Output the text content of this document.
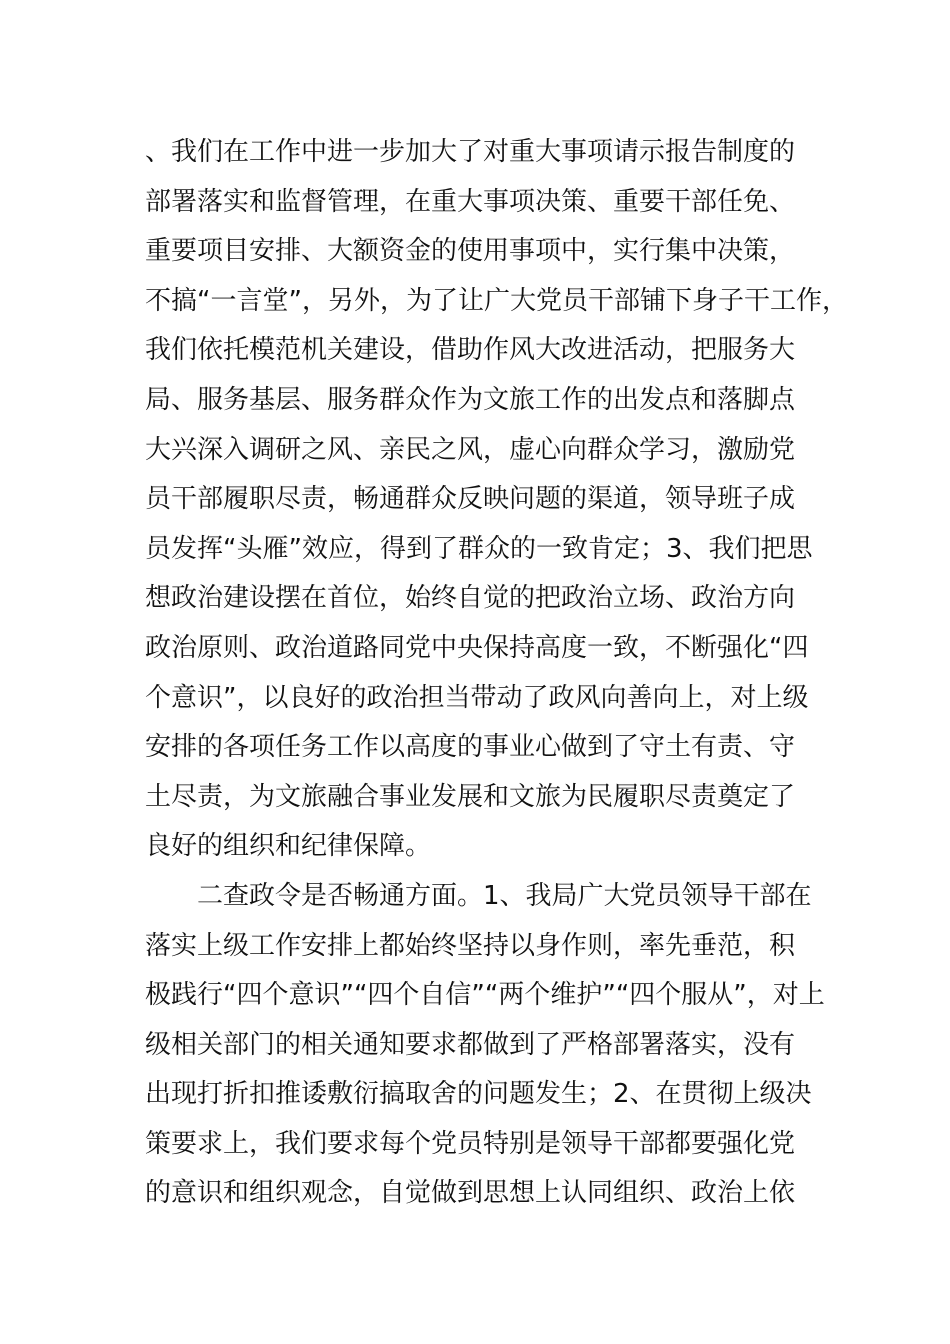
、我们在工作中进一步加大了对重大事项请示报告制度的
部署落实和监督管理，在重大事项决策、重要干部任免、
重要项目安排、大额资金的使用事项中，实行集中决策，
不搞“一言堂”，另外，为了让广大党员干部铺下身子干工作，
我们依托模范机关建设，借助作风大改进活动，把服务大
局、服务基层、服务群众作为文旅工作的出发点和落脚点
大兴深入调研之风、亲民之风，虚心向群众学习，激励党
员干部履职尽责，畅通群众反映问题的渠道，领导班子成
员发挥“头雁”效应，得到了群众的一致肯定；3、我们把思
想政治建设摆在首位，始终自觉的把政治立场、政治方向
政治原则、政治道路同党中央保持高度一致，不断强化“四
个意识”，以良好的政治担当带动了政风向善向上，对上级
安排的各项任务工作以高度的事业心做到了守土有责、守
土尽责，为文旅融合事业发展和文旅为民履职尽责奠定了
良好的组织和纪律保障。
二查政令是否畅通方面。1、我局广大党员领导干部在
落实上级工作安排上都始终坚持以身作则，率先垂范，积
极践行“四个意识”“四个自信”“两个维护”“四个服从”，对上
级相关部门的相关通知要求都做到了严格部署落实，没有
出现打折扣推诿敷衍搞取舍的问题发生；2、在贯彻上级决
策要求上，我们要求每个党员特别是领导干部都要强化党
的意识和组织观念，自觉做到思想上认同组织、政治上依
